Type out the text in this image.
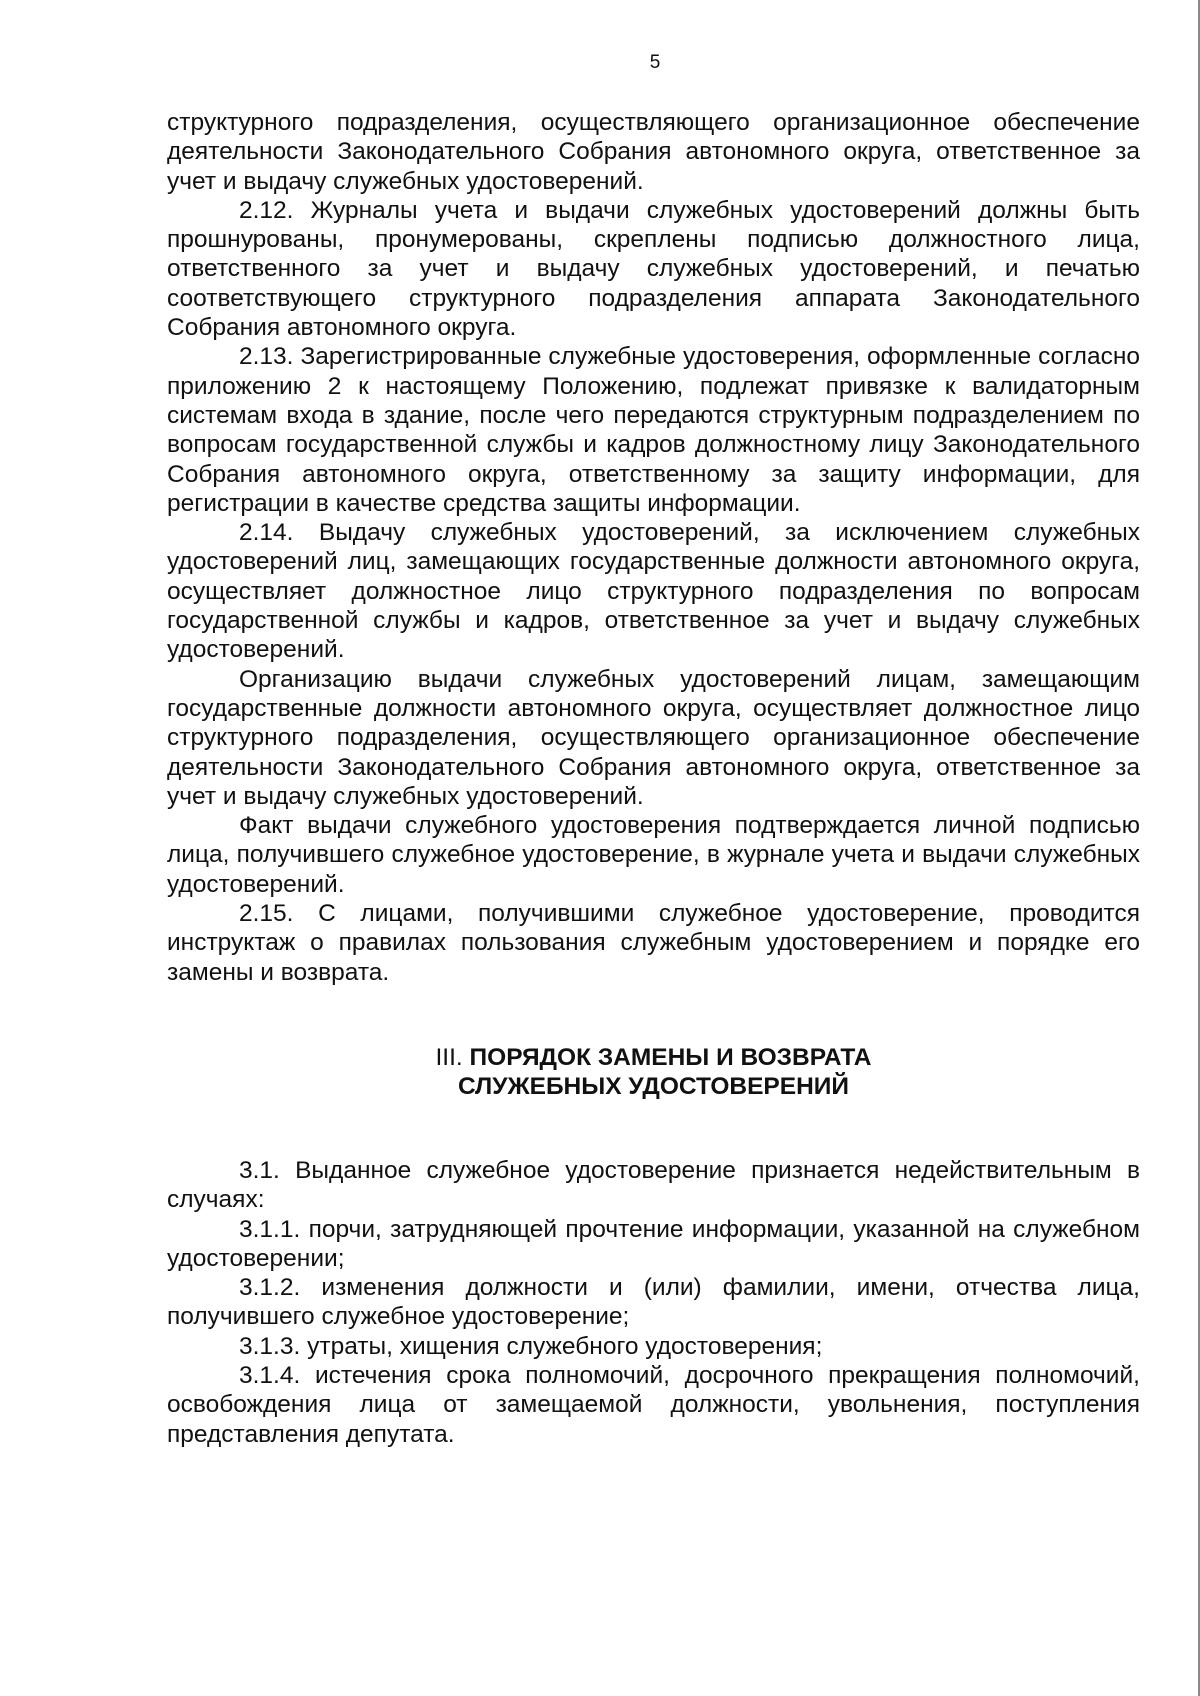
5

структурного подразделения, осуществляющего организационное обеспечение деятельности Законодательного Собрания автономного округа, ответственное за учет и выдачу служебных удостоверений.

2.12. Журналы учета и выдачи служебных удостоверений должны быть прошнурованы, пронумерованы, скреплены подписью должностного лица, ответственного за учет и выдачу служебных удостоверений, и печатью соответствующего структурного подразделения аппарата Законодательного Собрания автономного округа.

2.13. Зарегистрированные служебные удостоверения, оформленные согласно приложению 2 к настоящему Положению, подлежат привязке к валидаторным системам входа в здание, после чего передаются структурным подразделением по вопросам государственной службы и кадров должностному лицу Законодательного Собрания автономного округа, ответственному за защиту информации, для регистрации в качестве средства защиты информации.

2.14. Выдачу служебных удостоверений, за исключением служебных удостоверений лиц, замещающих государственные должности автономного округа, осуществляет должностное лицо структурного подразделения по вопросам государственной службы и кадров, ответственное за учет и выдачу служебных удостоверений.

Организацию выдачи служебных удостоверений лицам, замещающим государственные должности автономного округа, осуществляет должностное лицо структурного подразделения, осуществляющего организационное обеспечение деятельности Законодательного Собрания автономного округа, ответственное за учет и выдачу служебных удостоверений.

Факт выдачи служебного удостоверения подтверждается личной подписью лица, получившего служебное удостоверение, в журнале учета и выдачи служебных удостоверений.

2.15. С лицами, получившими служебное удостоверение, проводится инструктаж о правилах пользования служебным удостоверением и порядке его замены и возврата.

III. ПОРЯДОК ЗАМЕНЫ И ВОЗВРАТА
СЛУЖЕБНЫХ УДОСТОВЕРЕНИЙ

3.1. Выданное служебное удостоверение признается недействительным в случаях:

3.1.1. порчи, затрудняющей прочтение информации, указанной на служебном удостоверении;

3.1.2. изменения должности и (или) фамилии, имени, отчества лица, получившего служебное удостоверение;

3.1.3. утраты, хищения служебного удостоверения;

3.1.4. истечения срока полномочий, досрочного прекращения полномочий, освобождения лица от замещаемой должности, увольнения, поступления представления депутата.
